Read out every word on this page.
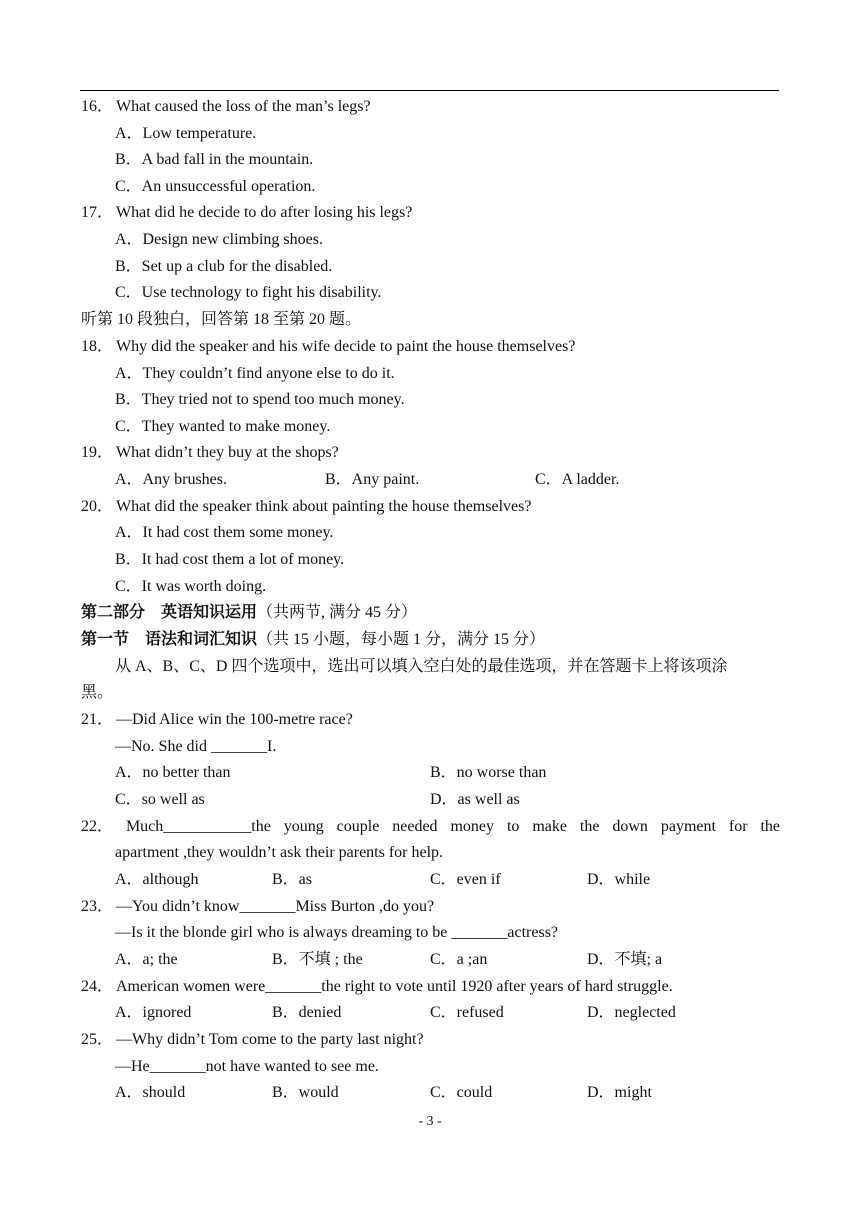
16． What caused the loss of the man’s legs?
A．Low temperature.
B．A bad fall in the mountain.
C．An unsuccessful operation.
17． What did he decide to do after losing his legs?
A．Design new climbing shoes.
B．Set up a club for the disabled.
C．Use technology to fight his disability.
听第 10 段独白，回答第 18 至第 20 题。
18． Why did the speaker and his wife decide to paint the house themselves?
A．They couldn’t find anyone else to do it.
B．They tried not to spend too much money.
C．They wanted to make money.
19． What didn’t they buy at the shops?
A．Any brushes.	B．Any paint.	C．A ladder.
20． What did the speaker think about painting the house themselves?
A．It had cost them some money.
B．It had cost them a lot of money.
C．It was worth doing.
第二部分　英语知识运用（共两节, 满分 45 分）
第一节　语法和词汇知识（共 15 小题，每小题 1 分，满分 15 分）
从 A、B、C、D 四个选项中，选出可以填入空白处的最佳选项，并在答题卡上将该项涂
黑。
21． —Did Alice win the 100-metre race?
—No. She did _______I.
A．no better than	B．no worse than
C．so well as	D．as well as
22． Much___________the young couple needed money to make the down payment for the
apartment ,they wouldn’t ask their parents for help.
A．although	B．as	C．even if	D．while
23． —You didn’t know_______Miss Burton ,do you?
—Is it the blonde girl who is always dreaming to be _______actress?
A．a; the	B．不填 ; the	C．a ;an	D．不填; a
24． American women were_______the right to vote until 1920 after years of hard struggle.
A．ignored	B．denied	C．refused	D．neglected
25． —Why didn’t Tom come to the party last night?
—He_______not have wanted to see me.
A．should	B．would	C．could	D．might
- 3 -
